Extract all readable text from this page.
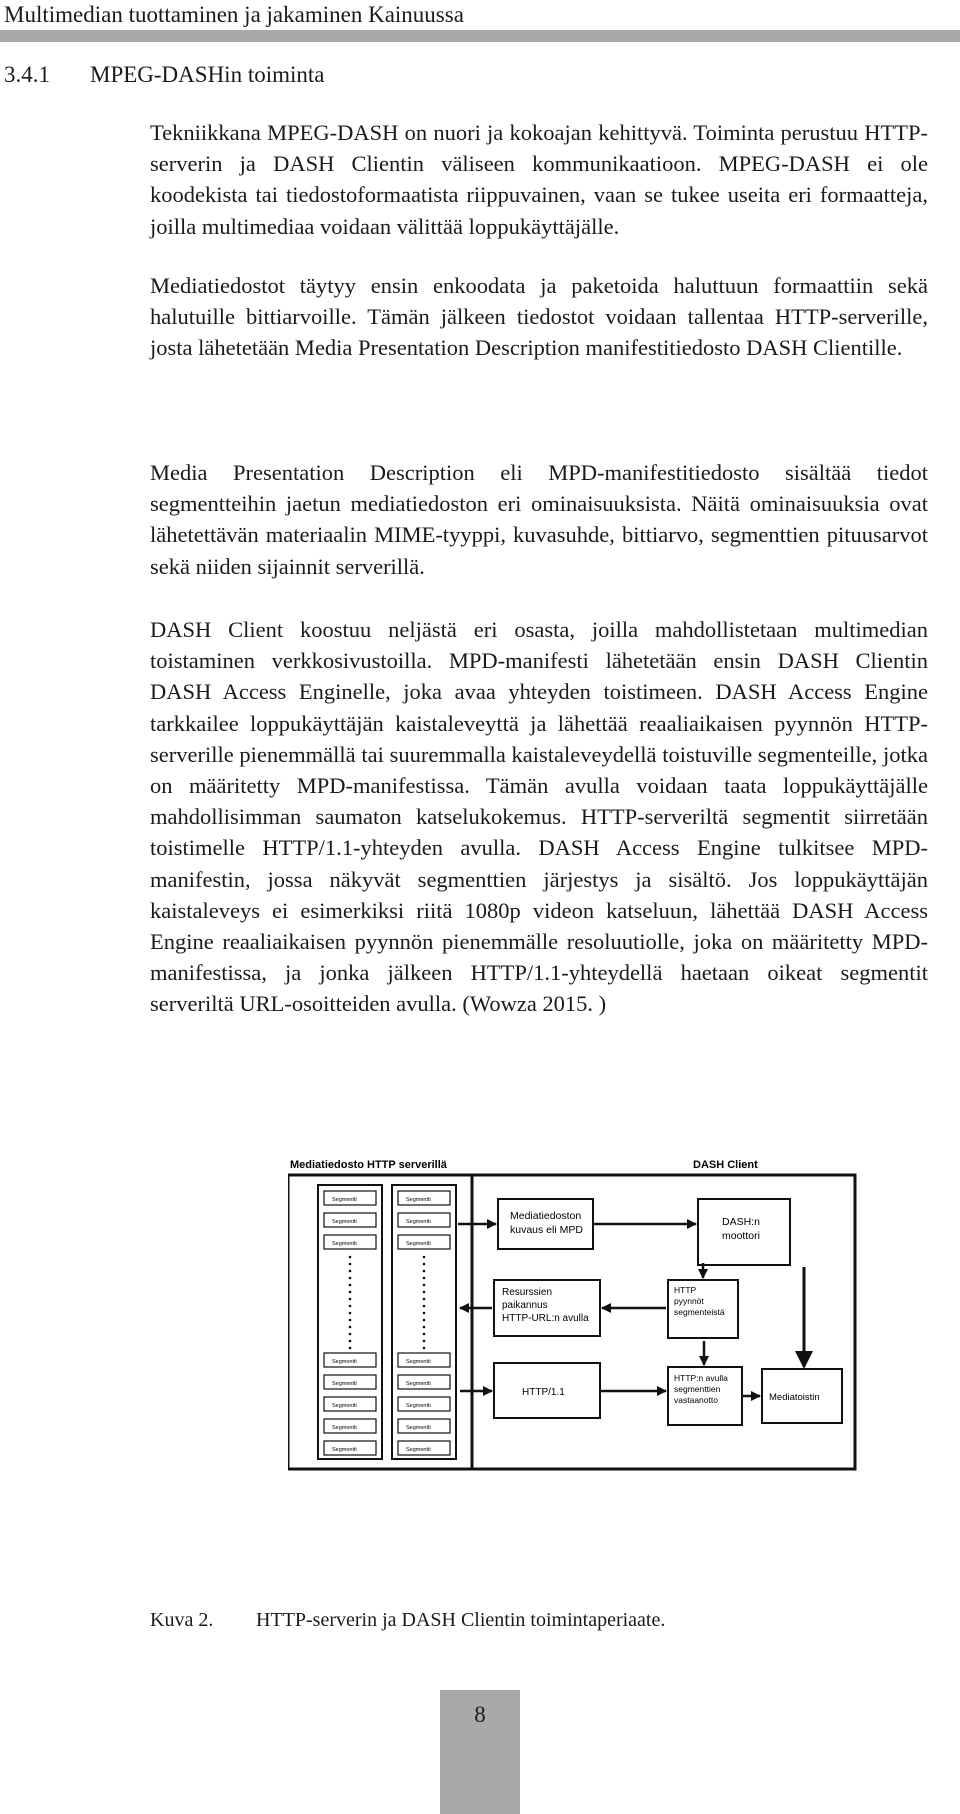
Multimedian tuottaminen ja jakaminen Kainuussa
3.4.1 MPEG-DASHin toiminta

Tekniikkana MPEG-DASH on nuori ja kokoajan kehittyvä. Toiminta perustuu HTTP-serverin ja DASH Clientin väliseen kommunikaatioon. MPEG-DASH ei ole koodekista tai tiedostoformaatista riippuvainen, vaan se tukee useita eri formaatteja, joilla multimediaa voidaan välittää loppukäyttäjälle.

Mediatiedostot täytyy ensin enkoodata ja paketoida haluttuun formaattiin sekä halutuille bittiarvoille. Tämän jälkeen tiedostot voidaan tallentaa HTTP-serverille, josta lähetetään Media Presentation Description manifestitiedosto DASH Clientille.

Media Presentation Description eli MPD-manifestitiedosto sisältää tiedot segmentteihin jaetun mediatiedoston eri ominaisuuksista. Näitä ominaisuuksia ovat lähetettävän materiaalin MIME-tyyppi, kuvasuhde, bittiarvo, segmenttien pituusarvot sekä niiden sijainnit serverillä.

DASH Client koostuu neljästä eri osasta, joilla mahdollistetaan multimedian toistaminen verkkosivustoilla. MPD-manifesti lähetetään ensin DASH Clientin DASH Access Enginelle, joka avaa yhteyden toistimeen. DASH Access Engine tarkkailee loppukäyttäjän kaistaleveyttä ja lähettää reaaliaikaisen pyynnön HTTP-serverille pienemmällä tai suuremmalla kaistaleveydellä toistuville segmenteille, jotka on määritetty MPD-manifestissa. Tämän avulla voidaan taata loppukäyttäjälle mahdollisimman saumaton katselukokemus. HTTP-serveriltä segmentit siirretään toistimelle HTTP/1.1-yhteyden avulla. DASH Access Engine tulkitsee MPD-manifestin, jossa näkyvät segmenttien järjestys ja sisältö. Jos loppukäyttäjän kaistaleveys ei esimerkiksi riitä 1080p videon katseluun, lähettää DASH Access Engine reaaliaikaisen pyynnön pienemmälle resoluutiolle, joka on määritetty MPD-manifestissa, ja jonka jälkeen HTTP/1.1-yhteydellä haetaan oikeat segmentit serveriltä URL-osoitteiden avulla. (Wowza 2015. )

Mediatiedosto HTTP serverillä	DASH Client
Segmentti
Segmentti
Segmentti
Segmentti
Segmentti
Segmentti
Segmentti
Segmentti
Segmentti
Segmentti
Segmentti
Segmentti
Segmentti
Segmentti
Segmentti
Segmentti
Mediatiedoston
kuvaus eli MPD
Resurssien
paikannus
HTTP-URL:n avulla
HTTP/1.1
DASH:n
moottori
HTTP
pyynnöt
segmenteistä
HTTP:n avulla
segmenttien
vastaanotto	Mediatoistin
Kuva 2. HTTP-serverin ja DASH Clientin toimintaperiaate.
8
